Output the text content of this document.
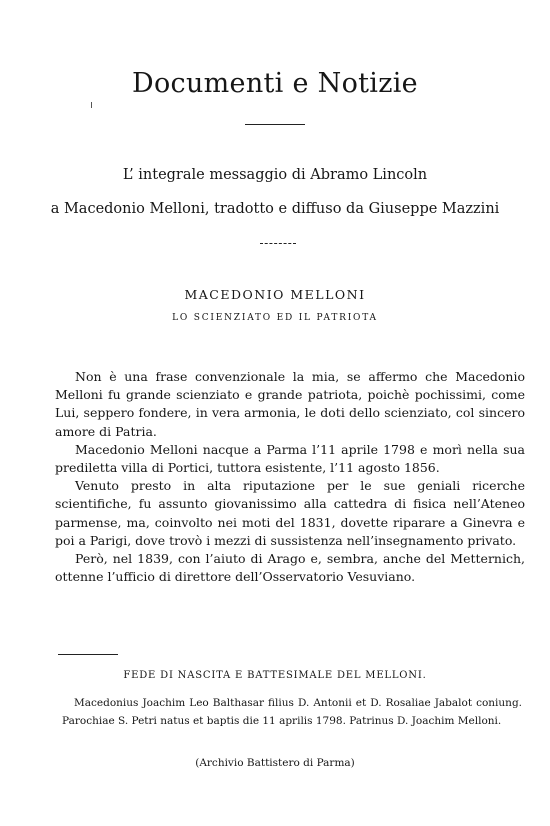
Documenti e Notizie
L’ integrale messaggio di Abramo Lincoln
a Macedonio Melloni, tradotto e diffuso da Giuseppe Mazzini
MACEDONIO MELLONI
LO SCIENZIATO ED IL PATRIOTA

Non è una frase convenzionale la mia, se affermo che Macedonio Melloni fu grande scienziato e grande patriota, poichè pochissimi, come Lui, seppero fondere, in vera armonia, le doti dello scienziato, col sincero amore di Patria.

Macedonio Melloni nacque a Parma l’11 aprile 1798 e morì nella sua prediletta villa di Portici, tuttora esistente, l’11 agosto 1856.

Venuto presto in alta riputazione per le sue geniali ricerche scientifiche, fu assunto giovanissimo alla cattedra di fisica nell’Ateneo parmense, ma, coinvolto nei moti del 1831, dovette riparare a Ginevra e poi a Parigi, dove trovò i mezzi di sussistenza nell’insegnamento privato.

Però, nel 1839, con l’aiuto di Arago e, sembra, anche del Metternich, ottenne l’ufficio di direttore dell’Osservatorio Vesuviano.

FEDE DI NASCITA E BATTESIMALE DEL MELLONI.

Macedonius Joachim Leo Balthasar filius D. Antonii et D. Rosaliae Jabalot coniung. Parochiae S. Petri natus et baptis die 11 aprilis 1798. Patrinus D. Joachim Melloni.

(Archivio Battistero di Parma)
